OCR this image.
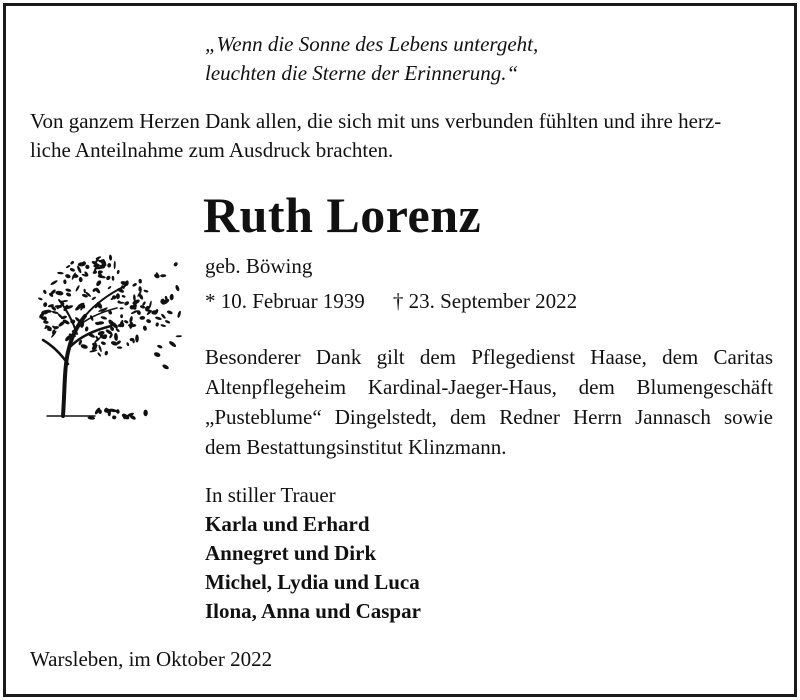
„Wenn die Sonne des Lebens untergeht,
leuchten die Sterne der Erinnerung.“
Von ganzem Herzen Dank allen, die sich mit uns verbunden fühlten und ihre herz-
liche Anteilnahme zum Ausdruck brachten.
Ruth Lorenz
geb. Böwing
* 10. Februar 1939 † 23. September 2022
Besonderer Dank gilt dem Pflegedienst Haase, dem Caritas
Altenpflegeheim Kardinal-Jaeger-Haus, dem Blumengeschäft
„Pusteblume“ Dingelstedt, dem Redner Herrn Jannasch sowie
dem Bestattungsinstitut Klinzmann.
In stiller Trauer
Karla und Erhard
Annegret und Dirk
Michel, Lydia und Luca
Ilona, Anna und Caspar
Warsleben, im Oktober 2022
